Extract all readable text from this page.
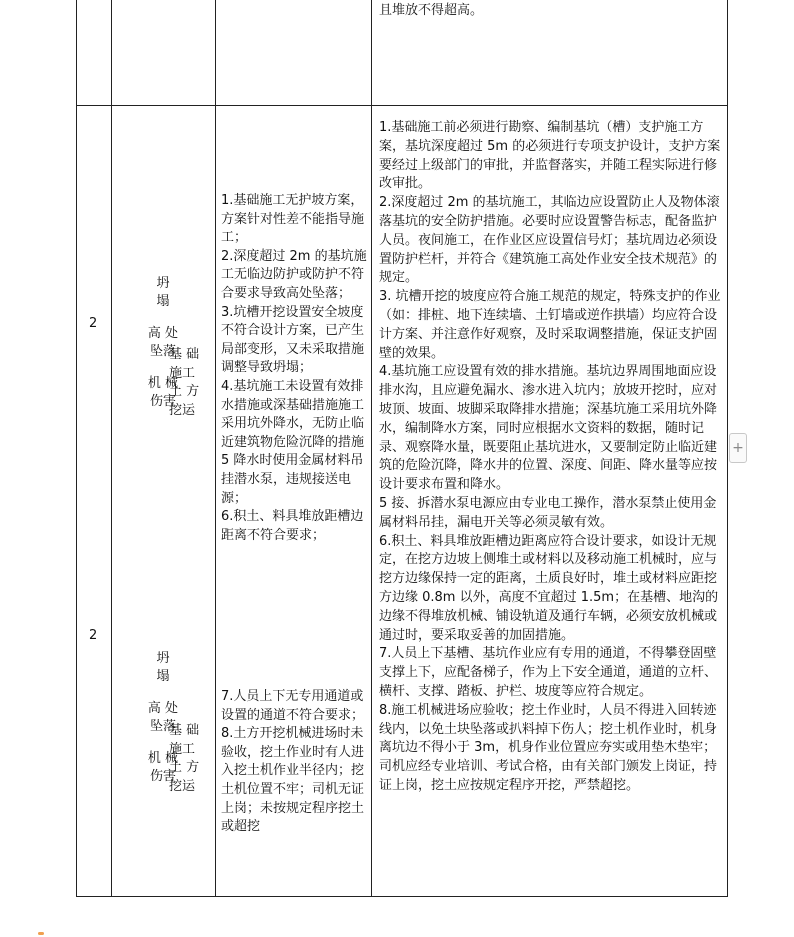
且堆放不得超高。
2
2
坍
塌
高 处
坠落
机 械
伤害
基 础
施工
土 方
挖运
坍
塌
高 处
坠落
机 械
伤害
基 础
施工
土 方
挖运
1.基础施工无护坡方案，方案针对性差不能指导施工；
2.深度超过 2m 的基坑施工无临边防护或防护不符合要求导致高处坠落；
3.坑槽开挖设置安全坡度不符合设计方案，已产生局部变形，又未采取措施调整导致坍塌；
4.基坑施工未设置有效排水措施或深基础措施施工采用坑外降水，无防止临近建筑物危险沉降的措施
5 降水时使用金属材料吊挂潜水泵，违规接送电源；
6.积土、料具堆放距槽边距离不符合要求；
7.人员上下无专用通道或设置的通道不符合要求；
8.土方开挖机械进场时未验收，挖土作业时有人进入挖土机作业半径内；挖土机位置不牢；司机无证上岗；未按规定程序挖土或超挖
1.基础施工前必须进行勘察、编制基坑（槽）支护施工方案，基坑深度超过 5m 的必须进行专项支护设计，支护方案要经过上级部门的审批，并监督落实，并随工程实际进行修改审批。
2.深度超过 2m 的基坑施工，其临边应设置防止人及物体滚落基坑的安全防护措施。必要时应设置警告标志，配备监护人员。夜间施工，在作业区应设置信号灯；基坑周边必须设置防护栏杆，并符合《建筑施工高处作业安全技术规范》的规定。
3. 坑槽开挖的坡度应符合施工规范的规定，特殊支护的作业（如：排桩、地下连续墙、土钉墙或逆作拱墙）均应符合设计方案、并注意作好观察，及时采取调整措施，保证支护固壁的效果。
4.基坑施工应设置有效的排水措施。基坑边界周围地面应设排水沟，且应避免漏水、渗水进入坑内；放坡开挖时，应对坡顶、坡面、坡脚采取降排水措施；深基坑施工采用坑外降水，编制降水方案，同时应根据水文资料的数据，随时记录、观察降水量，既要阻止基坑进水，又要制定防止临近建筑的危险沉降，降水井的位置、深度、间距、降水量等应按设计要求布置和降水。
5 接、拆潜水泵电源应由专业电工操作，潜水泵禁止使用金属材料吊挂，漏电开关等必须灵敏有效。
6.积土、料具堆放距槽边距离应符合设计要求，如设计无规定，在挖方边坡上侧堆土或材料以及移动施工机械时，应与挖方边缘保持一定的距离，土质良好时，堆土或材料应距挖方边缘 0.8m 以外，高度不宜超过 1.5m；在基槽、地沟的边缘不得堆放机械、铺设轨道及通行车辆，必须安放机械或通过时，要采取妥善的加固措施。
7.人员上下基槽、基坑作业应有专用的通道，不得攀登固壁支撑上下，应配备梯子，作为上下安全通道，通道的立杆、横杆、支撑、踏板、护栏、坡度等应符合规定。
8.施工机械进场应验收；挖土作业时，人员不得进入回转迹线内，以免土块坠落或扒料掉下伤人；挖土机作业时，机身离坑边不得小于 3m，机身作业位置应夯实或用垫木垫牢；司机应经专业培训、考试合格，由有关部门颁发上岗证，持证上岗，挖土应按规定程序开挖，严禁超挖。
+
